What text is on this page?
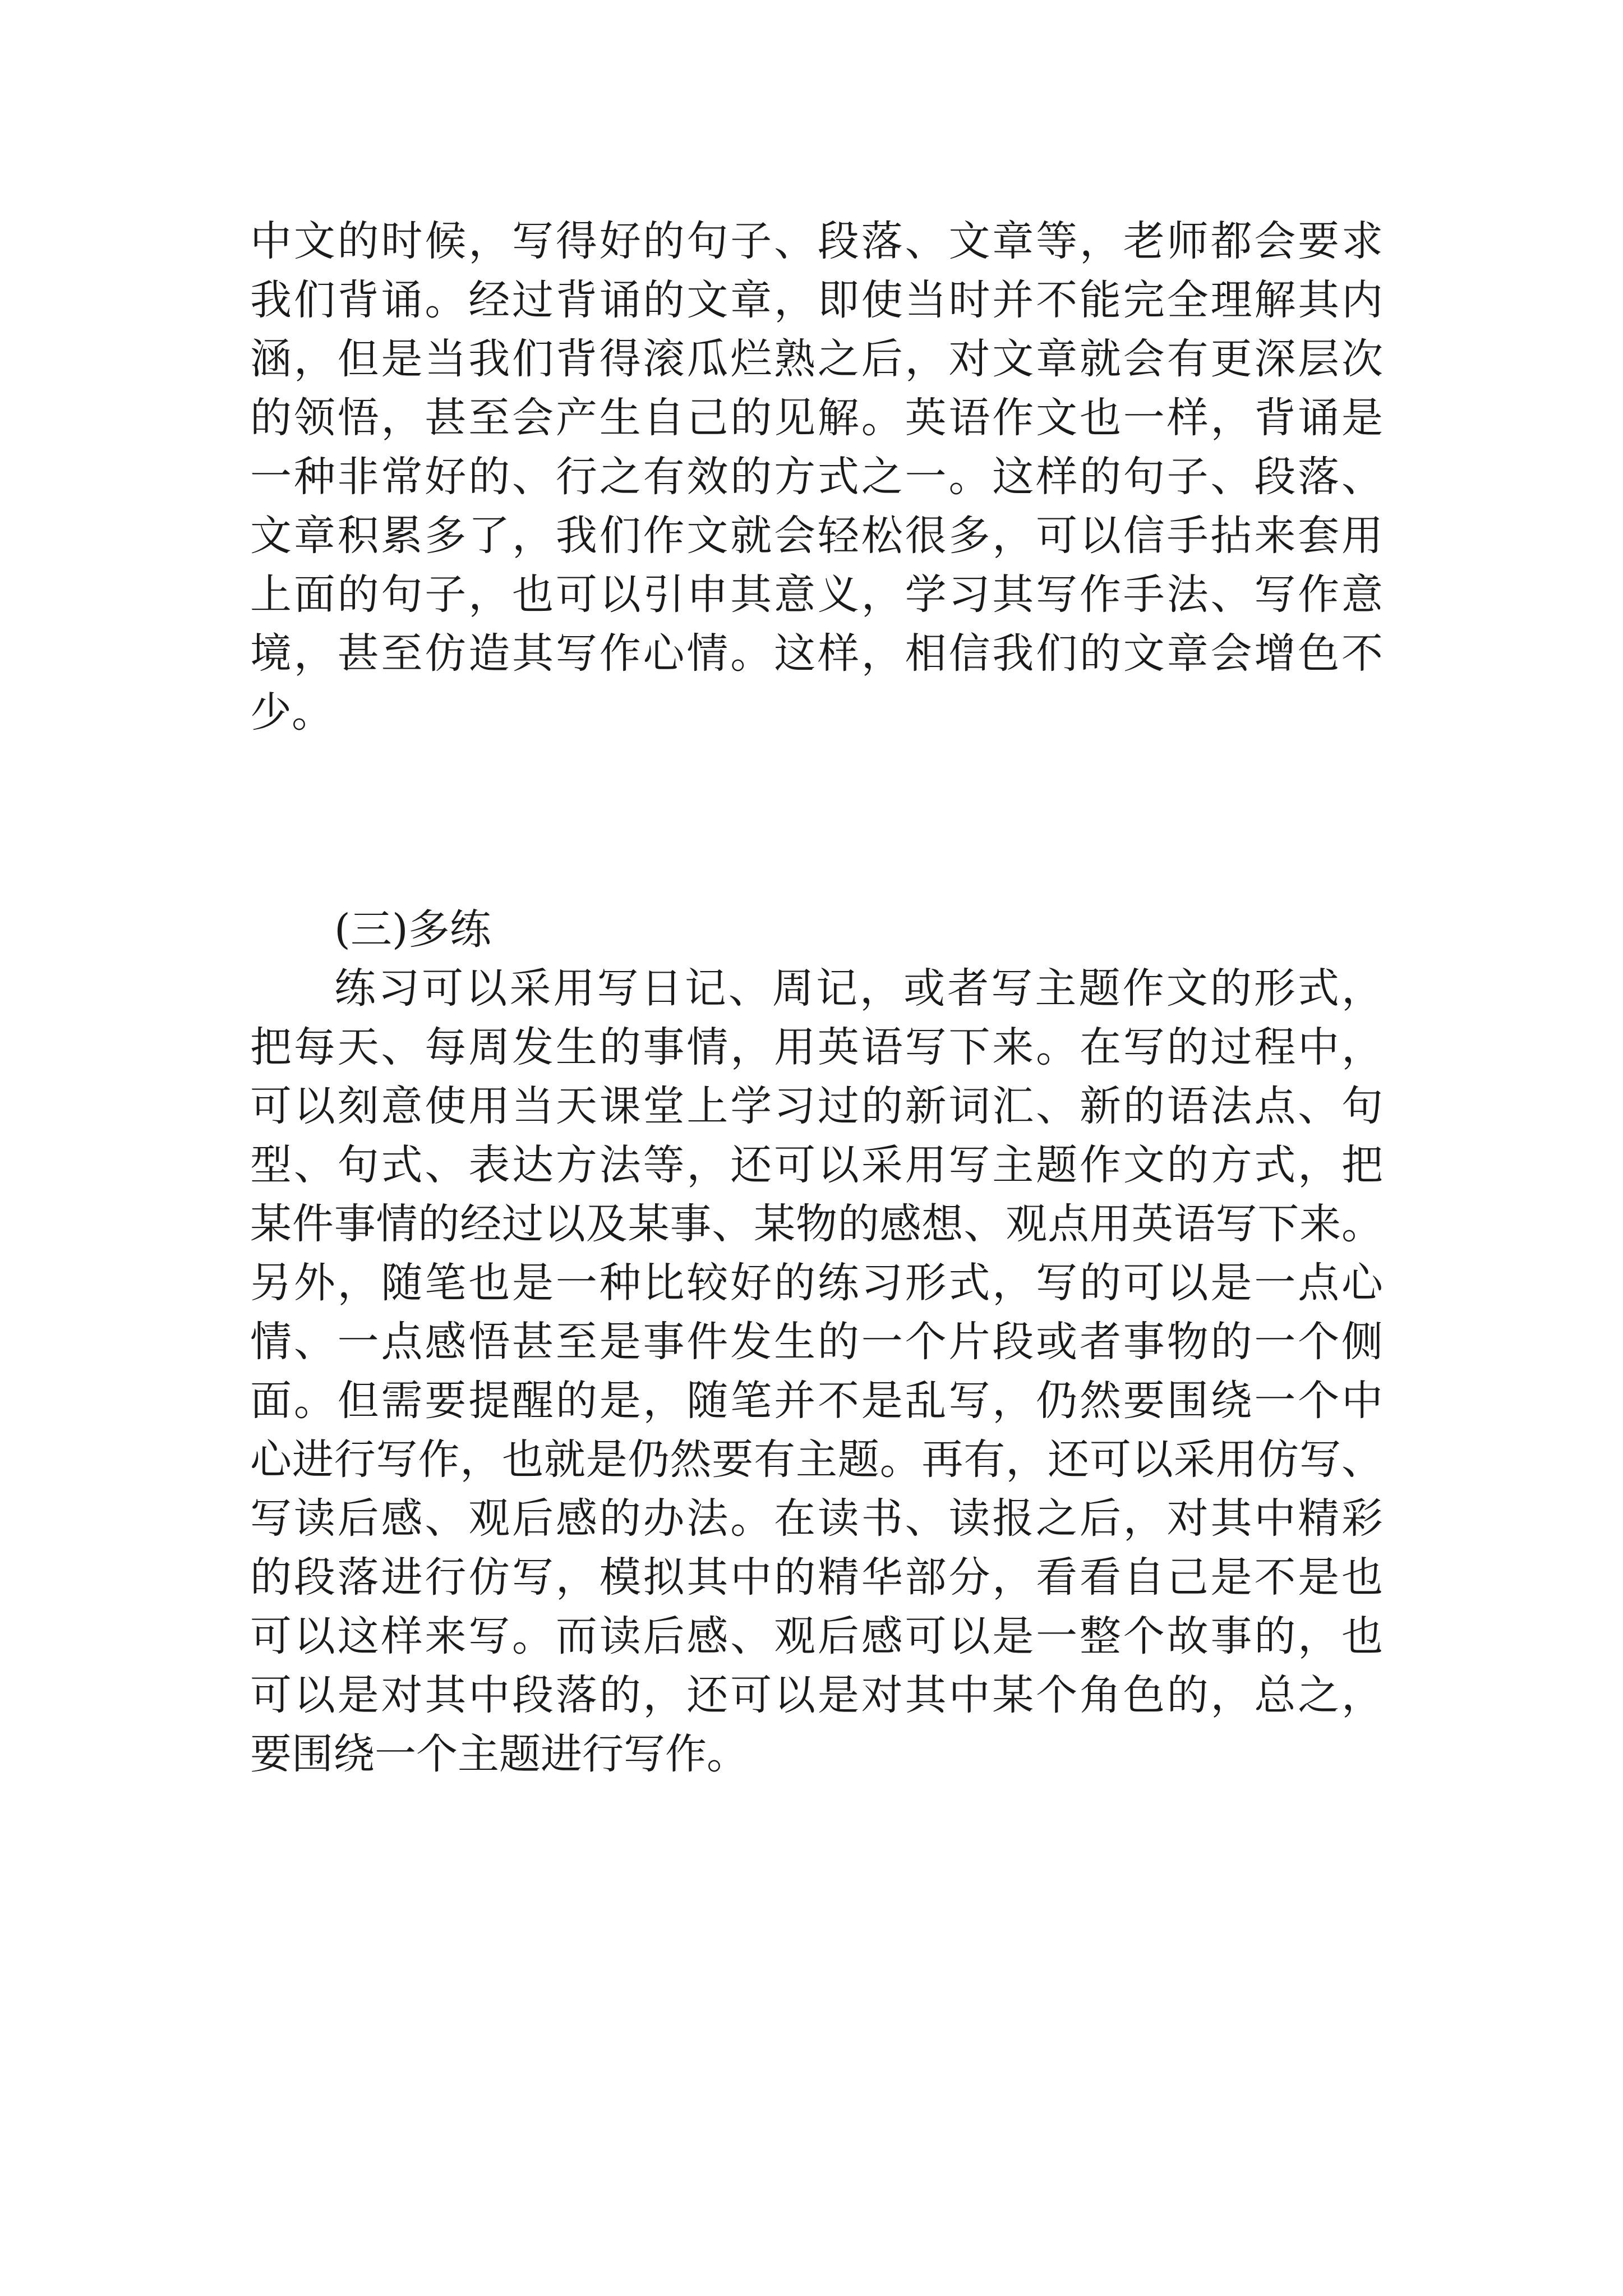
中文的时候，写得好的句子、段落、文章等，老师都会要求
我们背诵。经过背诵的文章，即使当时并不能完全理解其内
涵，但是当我们背得滚瓜烂熟之后，对文章就会有更深层次
的领悟，甚至会产生自己的见解。英语作文也一样，背诵是
一种非常好的、行之有效的方式之一。这样的句子、段落、
文章积累多了，我们作文就会轻松很多，可以信手拈来套用
上面的句子，也可以引申其意义，学习其写作手法、写作意
境，甚至仿造其写作心情。这样，相信我们的文章会增色不
少。
(三)多练
练习可以采用写日记、周记，或者写主题作文的形式，
把每天、每周发生的事情，用英语写下来。在写的过程中，
可以刻意使用当天课堂上学习过的新词汇、新的语法点、句
型、句式、表达方法等，还可以采用写主题作文的方式，把
某件事情的经过以及某事、某物的感想、观点用英语写下来。
另外，随笔也是一种比较好的练习形式，写的可以是一点心
情、一点感悟甚至是事件发生的一个片段或者事物的一个侧
面。但需要提醒的是，随笔并不是乱写，仍然要围绕一个中
心进行写作，也就是仍然要有主题。再有，还可以采用仿写、
写读后感、观后感的办法。在读书、读报之后，对其中精彩
的段落进行仿写，模拟其中的精华部分，看看自己是不是也
可以这样来写。而读后感、观后感可以是一整个故事的，也
可以是对其中段落的，还可以是对其中某个角色的，总之，
要围绕一个主题进行写作。
